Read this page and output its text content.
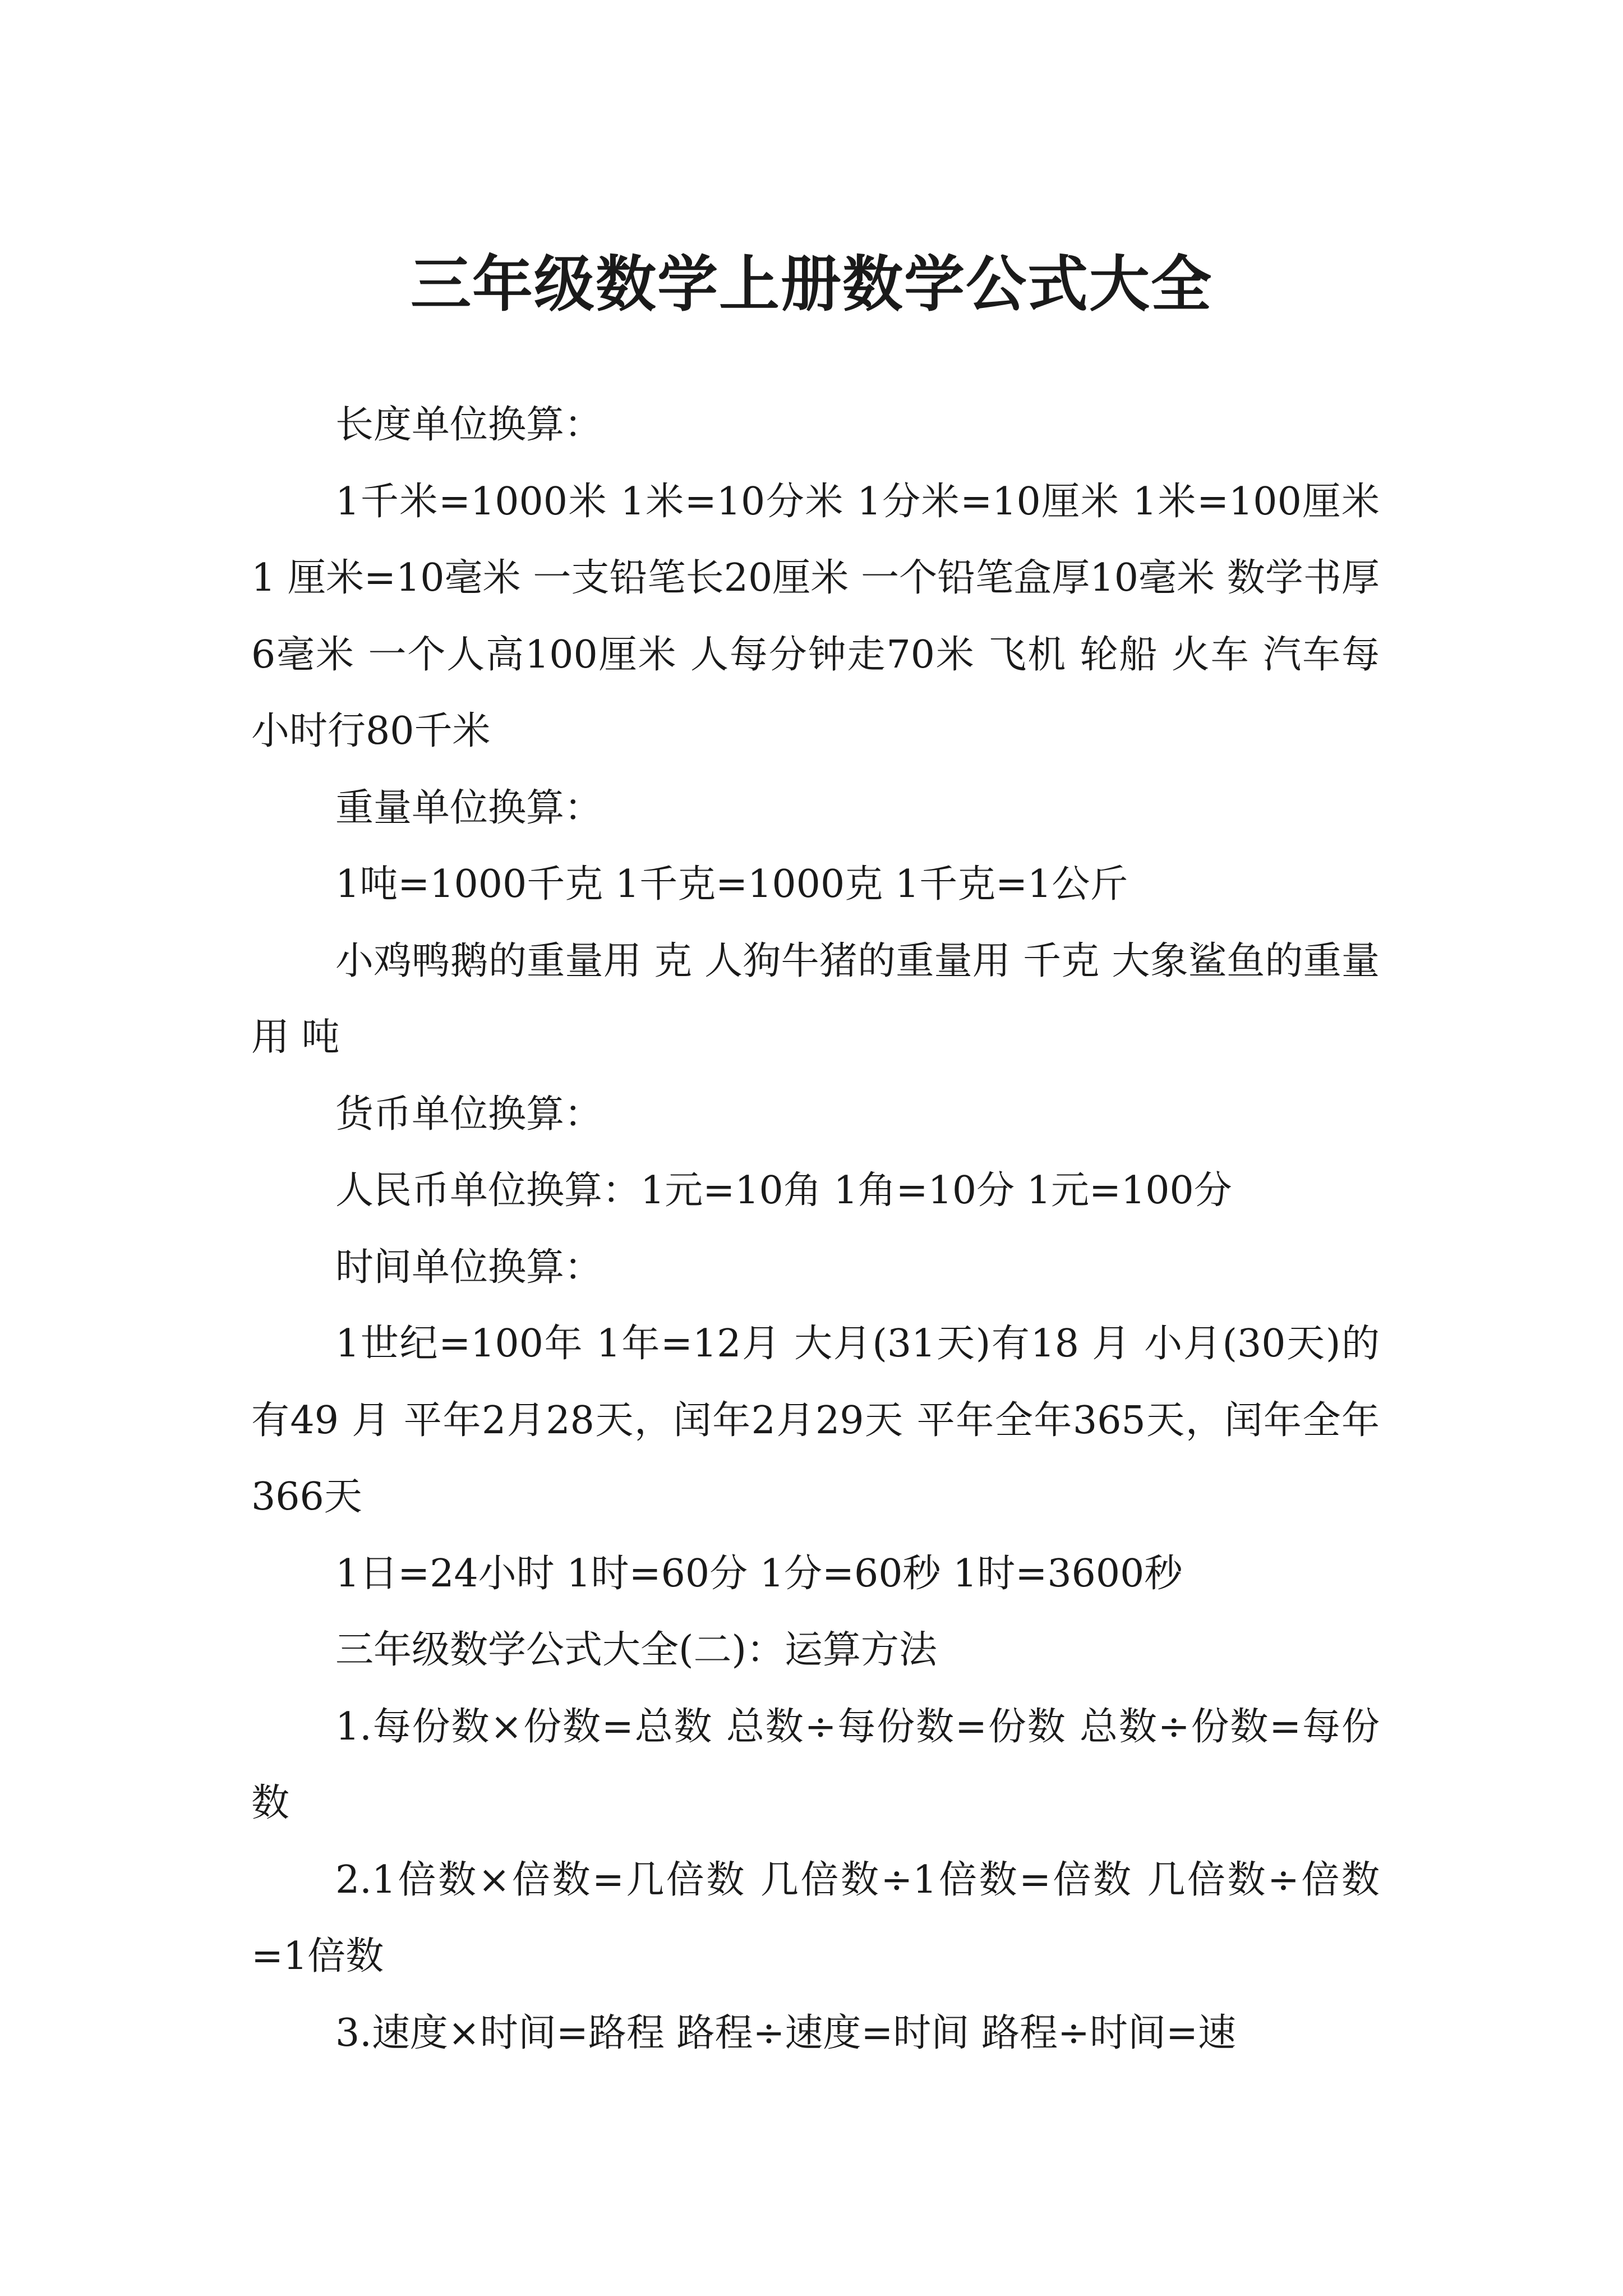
三年级数学上册数学公式大全

长度单位换算：

1千米=1000米 1米=10分米 1分米=10厘米 1米=100厘米 1 厘米=10毫米 一支铅笔长20厘米 一个铅笔盒厚10毫米 数学书厚6毫米 一个人高100厘米 人每分钟走70米 飞机 轮船 火车 汽车每小时行80千米

重量单位换算：

1吨=1000千克 1千克=1000克 1千克=1公斤

小鸡鸭鹅的重量用 克 人狗牛猪的重量用 千克 大象鲨鱼的重量用 吨

货币单位换算：

人民币单位换算：1元=10角 1角=10分 1元=100分

时间单位换算：

1世纪=100年 1年=12月 大月(31天)有18 月 小月(30天)的有49 月 平年2月28天，闰年2月29天 平年全年365天，闰年全年366天

1日=24小时 1时=60分 1分=60秒 1时=3600秒

三年级数学公式大全(二)：运算方法

1.每份数×份数=总数 总数÷每份数=份数 总数÷份数=每份数

2.1倍数×倍数=几倍数 几倍数÷1倍数=倍数 几倍数÷倍数=1倍数

3.速度×时间=路程 路程÷速度=时间 路程÷时间=速
